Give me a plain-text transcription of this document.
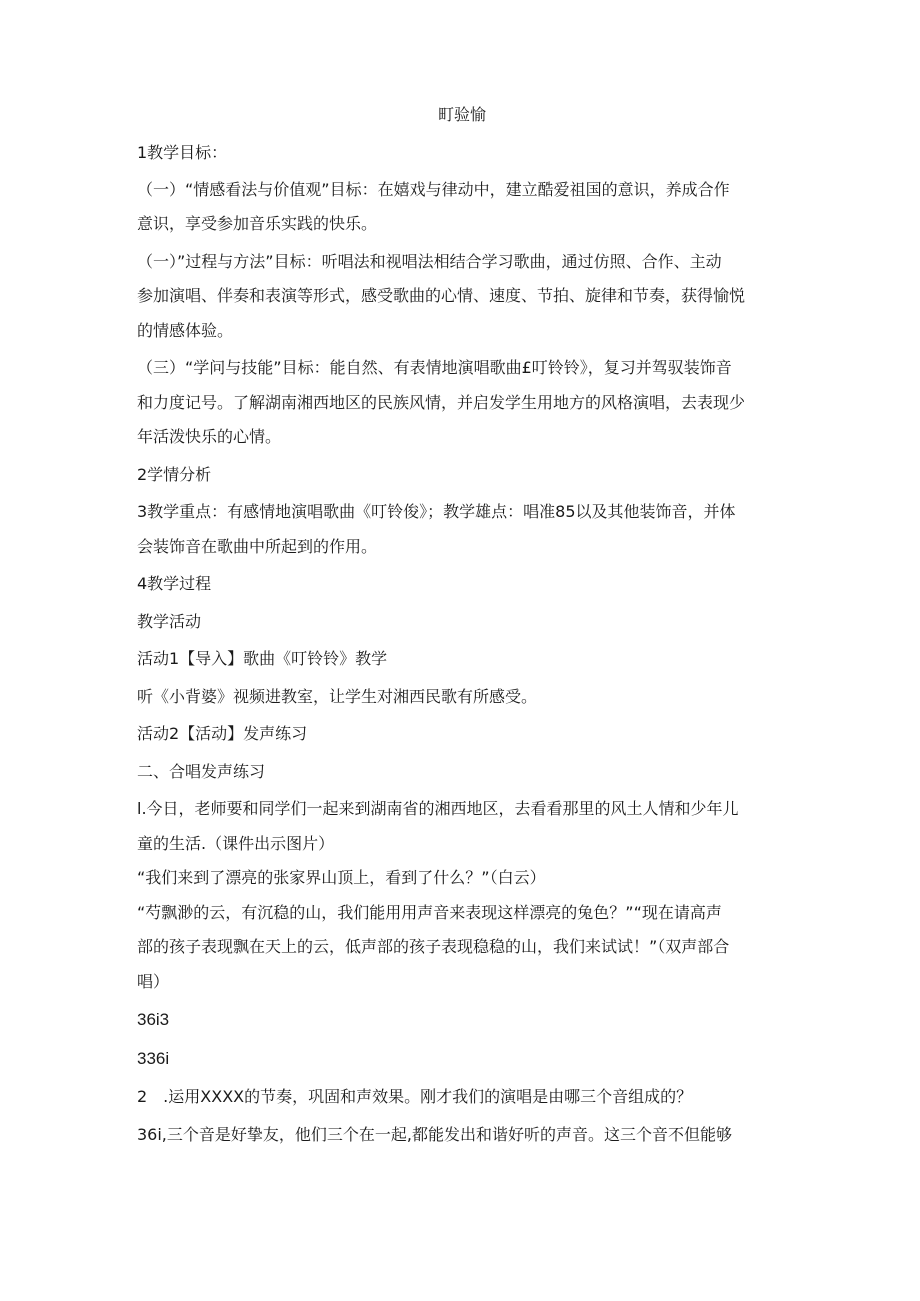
町验愉

1教学目标：

（一）“情感看法与价值观”目标：在嬉戏与律动中，建立酷爱祖国的意识，养成合作

意识，享受参加音乐实践的快乐。

（一）”过程与方法”目标：听唱法和视唱法相结合学习歌曲，通过仿照、合作、主动

参加演唱、伴奏和表演等形式，感受歌曲的心情、速度、节拍、旋律和节奏，获得愉悦

的情感体验。

（三）“学问与技能”目标：能自然、有表情地演唱歌曲£叮铃铃》，复习并驾驭装饰音

和力度记号。了解湖南湘西地区的民族风情，并启发学生用地方的风格演唱，去表现少

年活泼快乐的心情。

2学情分析

3教学重点：有感情地演唱歌曲《叮铃俊》；教学雄点：唱准85以及其他装饰音，并体

会装饰音在歌曲中所起到的作用。

4教学过程

教学活动

活动1【导入】歌曲《叮铃铃》教学

听《小背婆》视频进教室，让学生对湘西民歌有所感受。

活动2【活动】发声练习

二、合唱发声练习

l.今日，老师要和同学们一起来到湖南省的湘西地区，去看看那里的风土人情和少年儿

童的生活.（课件出示图片）

“我们来到了漂亮的张家界山顶上，看到了什么？”（白云）

“芍飘渺的云，有沉稳的山，我们能用用声音来表现这样漂亮的兔色？”“现在请高声

部的孩子表现飘在天上的云，低声部的孩子表现稳稳的山，我们来试试！”（双声部合

唱）

36i3

336i

2　.运用XXXX的节奏，巩固和声效果。刚才我们的演唱是由哪三个音组成的？

36i,三个音是好挚友，他们三个在一起,都能发出和谐好听的声音。这三个音不但能够
